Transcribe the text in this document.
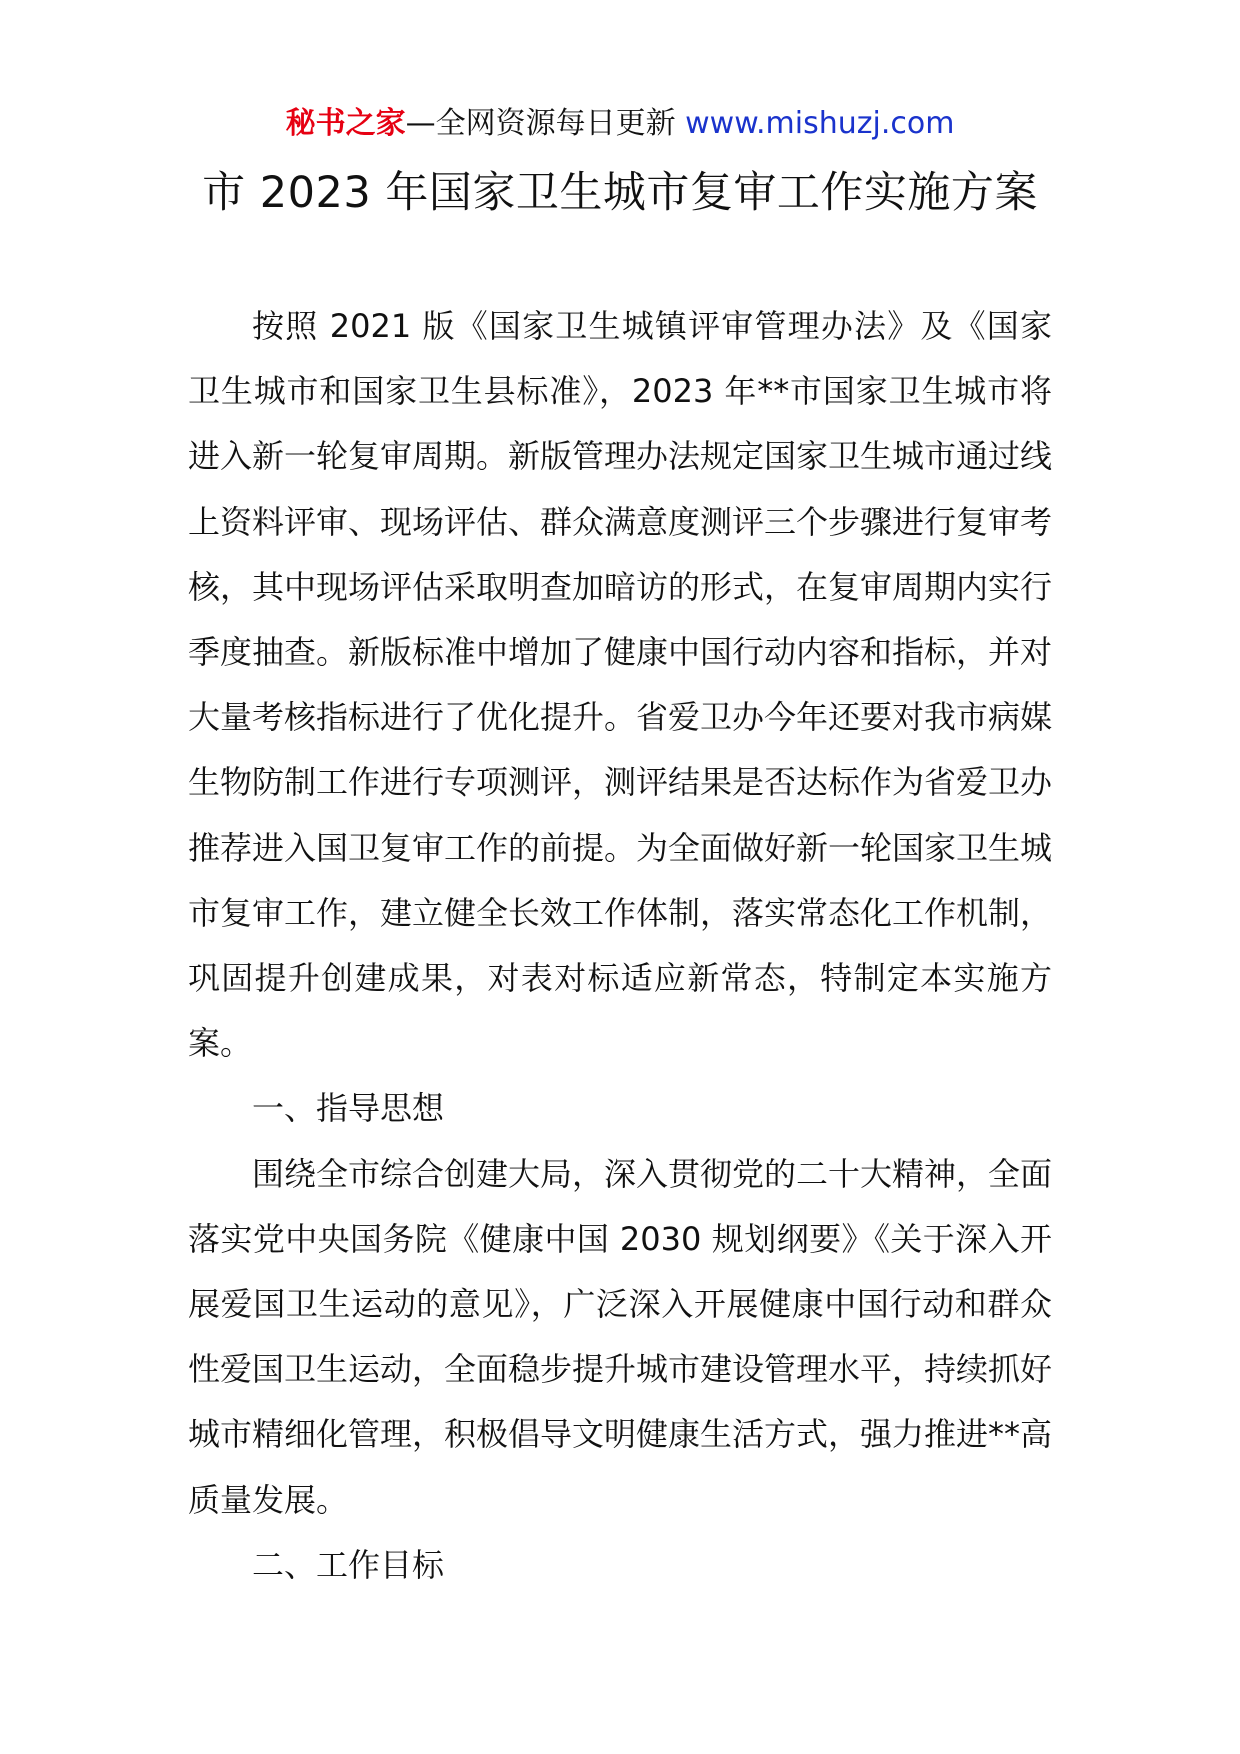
秘书之家—全网资源每日更新 www.mishuzj.com
市 2023 年国家卫生城市复审工作实施方案

按照 2021 版《国家卫生城镇评审管理办法》及《国家卫生城市和国家卫生县标准》，2023 年**市国家卫生城市将进入新一轮复审周期。新版管理办法规定国家卫生城市通过线上资料评审、现场评估、群众满意度测评三个步骤进行复审考核，其中现场评估采取明查加暗访的形式，在复审周期内实行季度抽查。新版标准中增加了健康中国行动内容和指标，并对大量考核指标进行了优化提升。省爱卫办今年还要对我市病媒生物防制工作进行专项测评，测评结果是否达标作为省爱卫办推荐进入国卫复审工作的前提。为全面做好新一轮国家卫生城市复审工作，建立健全长效工作体制，落实常态化工作机制，巩固提升创建成果，对表对标适应新常态，特制定本实施方案。

一、指导思想

围绕全市综合创建大局，深入贯彻党的二十大精神，全面落实党中央国务院《健康中国 2030 规划纲要》《关于深入开展爱国卫生运动的意见》，广泛深入开展健康中国行动和群众性爱国卫生运动，全面稳步提升城市建设管理水平，持续抓好城市精细化管理，积极倡导文明健康生活方式，强力推进**高质量发展。

二、工作目标
